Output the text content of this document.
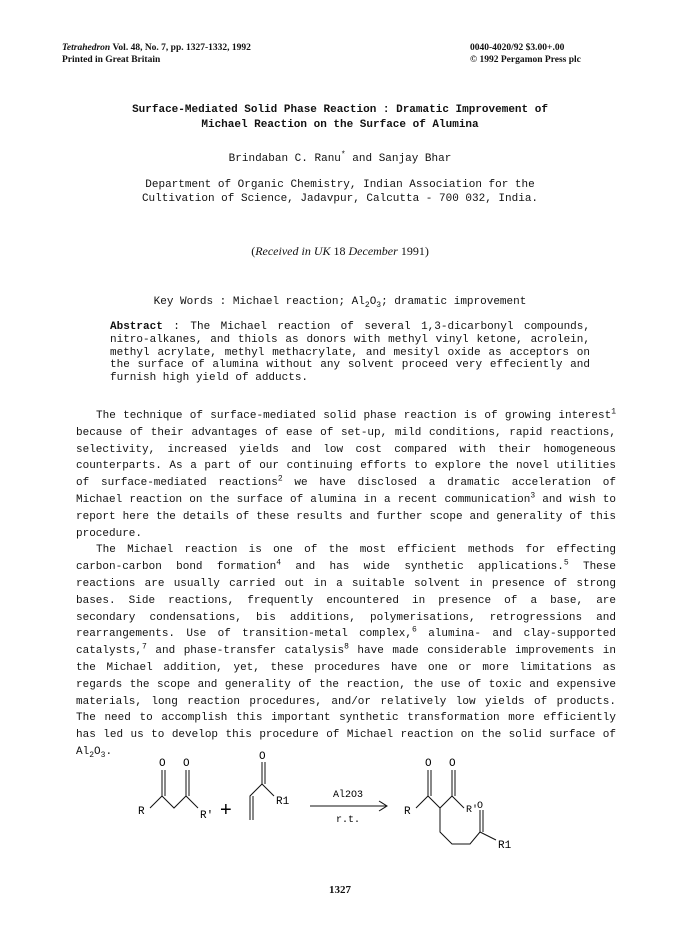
Tetrahedron Vol. 48, No. 7, pp. 1327-1332, 1992
Printed in Great Britain
0040-4020/92 $3.00+.00
© 1992 Pergamon Press plc
Surface-Mediated Solid Phase Reaction : Dramatic Improvement of
Michael Reaction on the Surface of Alumina
Brindaban C. Ranu* and Sanjay Bhar
Department of Organic Chemistry, Indian Association for the
Cultivation of Science, Jadavpur, Calcutta - 700 032, India.
(Received in UK 18 December 1991)
Key Words : Michael reaction; $Al_2O_3$; dramatic improvement
Abstract : The Michael reaction of several 1,3-dicarbonyl compounds, nitro-alkanes, and thiols as donors with methyl vinyl ketone, acrolein, methyl acrylate, methyl methacrylate, and mesityl oxide as acceptors on the surface of alumina without any solvent proceed very effeciently and furnish high yield of adducts.

The technique of surface-mediated solid phase reaction is of growing interest$^1$ because of their advantages of ease of set-up, mild conditions, rapid reactions, selectivity, increased yields and low cost compared with their homogeneous counterparts. As a part of our continuing efforts to explore the novel utilities of surface-mediated reactions$^2$ we have disclosed a dramatic acceleration of Michael reaction on the surface of alumina in a recent communication$^3$ and wish to report here the details of these results and further scope and generality of this procedure.

The Michael reaction is one of the most efficient methods for effecting carbon-carbon bond formation$^4$ and has wide synthetic applications.$^5$ These reactions are usually carried out in a suitable solvent in presence of strong bases. Side reactions, frequently encountered in presence of a base, are secondary condensations, bis additions, polymerisations, retrogressions and rearrangements. Use of transition-metal complex,$^6$ alumina- and clay-supported catalysts,$^7$ and phase-transfer catalysis$^8$ have made considerable improvements in the Michael addition, yet, these procedures have one or more limitations as regards the scope and generality of the reaction, the use of toxic and expensive materials, long reaction procedures, and/or relatively low yields of products. The need to accomplish this important synthetic transformation more efficiently has led us to develop this procedure of Michael reaction on the solid surface of $Al_2O_3$.

O O
R	R' +
O
R1
Al2O3
r.t.
O O
R	R'
O
R1
1327
